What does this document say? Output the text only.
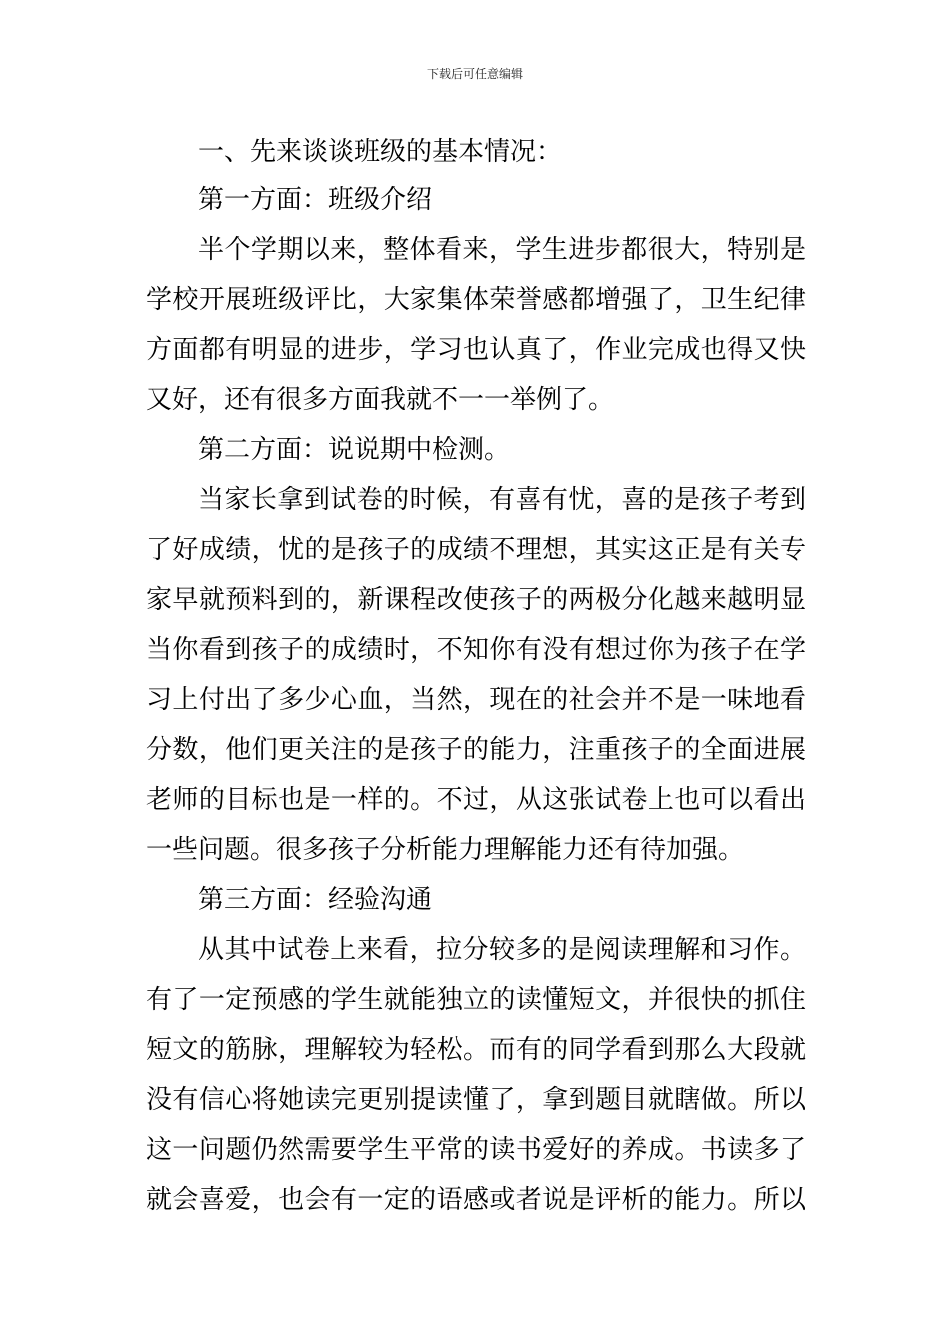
下载后可任意编辑
一、先来谈谈班级的基本情况：
第一方面：班级介绍
半个学期以来，整体看来，学生进步都很大，特别是
学校开展班级评比，大家集体荣誉感都增强了，卫生纪律
方面都有明显的进步，学习也认真了，作业完成也得又快
又好，还有很多方面我就不一一举例了。
第二方面：说说期中检测。
当家长拿到试卷的时候，有喜有忧，喜的是孩子考到
了好成绩，忧的是孩子的成绩不理想，其实这正是有关专
家早就预料到的，新课程改使孩子的两极分化越来越明显
当你看到孩子的成绩时，不知你有没有想过你为孩子在学
习上付出了多少心血，当然，现在的社会并不是一味地看
分数，他们更关注的是孩子的能力，注重孩子的全面进展
老师的目标也是一样的。不过，从这张试卷上也可以看出
一些问题。很多孩子分析能力理解能力还有待加强。
第三方面：经验沟通
从其中试卷上来看，拉分较多的是阅读理解和习作。
有了一定预感的学生就能独立的读懂短文，并很快的抓住
短文的筋脉，理解较为轻松。而有的同学看到那么大段就
没有信心将她读完更别提读懂了，拿到题目就瞎做。所以
这一问题仍然需要学生平常的读书爱好的养成。书读多了
就会喜爱，也会有一定的语感或者说是评析的能力。所以
